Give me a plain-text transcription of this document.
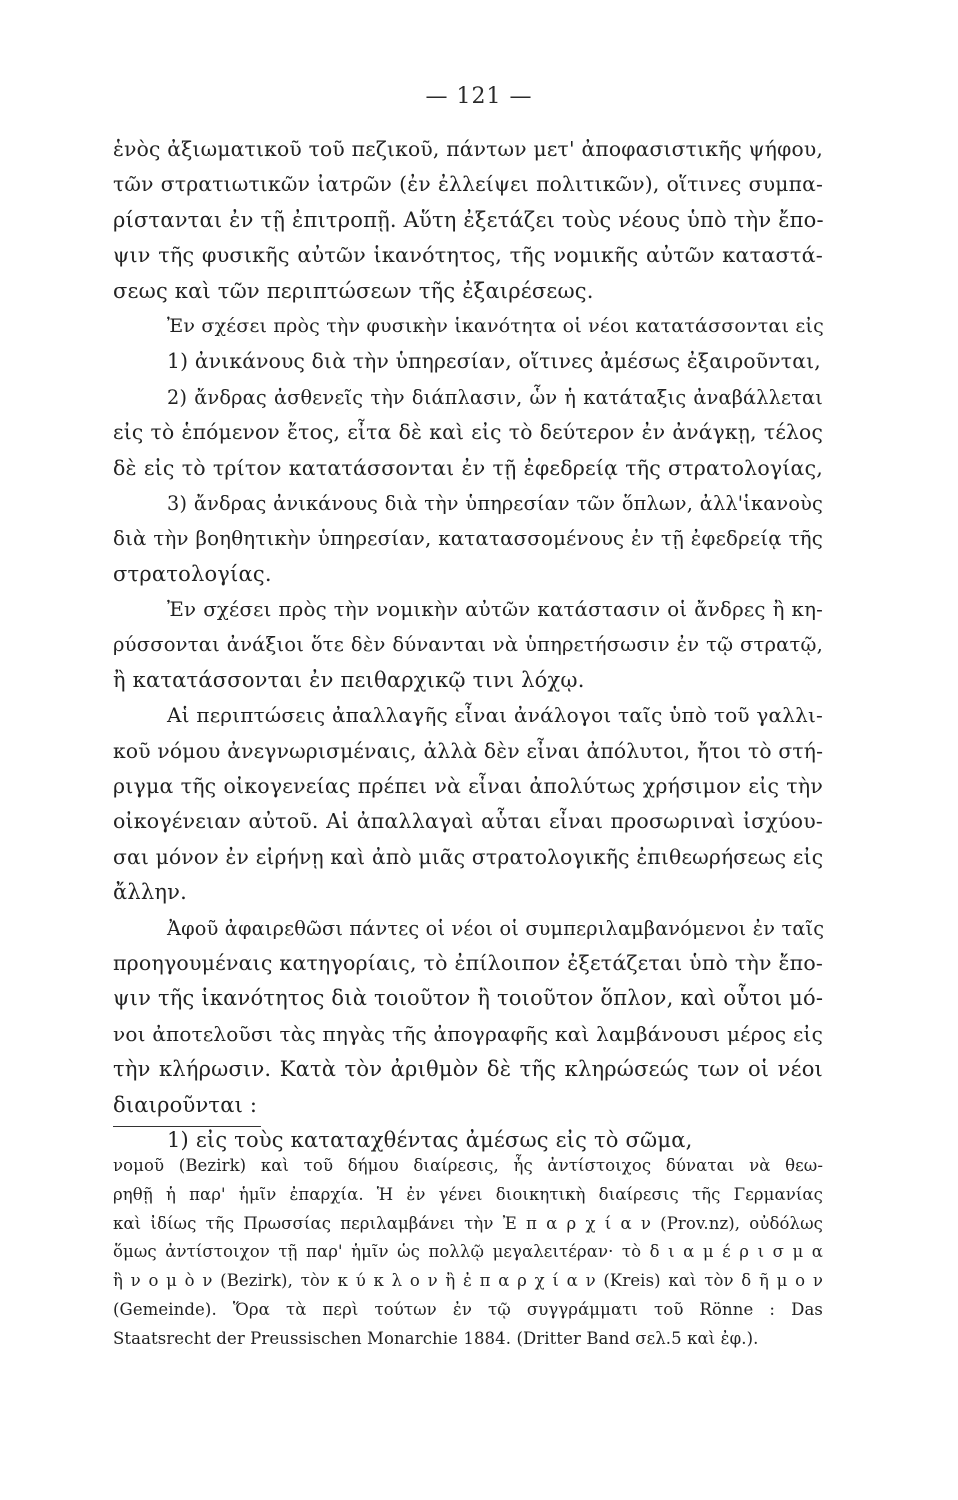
— 121 —
ἑνὸς ἀξιωματικοῦ τοῦ πεζικοῦ, πάντων μετ' ἀποφασιστικῆς ψήφου,
τῶν στρατιωτικῶν ἰατρῶν (ἐν ἐλλείψει πολιτικῶν), οἵτινες συμπα-
ρίστανται ἐν τῇ ἐπιτροπῇ. Αὕτη ἐξετάζει τοὺς νέους ὑπὸ τὴν ἔπο-
ψιν τῆς φυσικῆς αὐτῶν ἱκανότητος, τῆς νομικῆς αὐτῶν καταστά-
σεως καὶ τῶν περιπτώσεων τῆς ἐξαιρέσεως.
Ἐν σχέσει πρὸς τὴν φυσικὴν ἱκανότητα οἱ νέοι κατατάσσονται εἰς
1) ἀνικάνους διὰ τὴν ὑπηρεσίαν, οἵτινες ἀμέσως ἐξαιροῦνται,
2) ἄνδρας ἀσθενεῖς τὴν διάπλασιν, ὧν ἡ κατάταξις ἀναβάλλεται
εἰς τὸ ἑπόμενον ἔτος, εἶτα δὲ καὶ εἰς τὸ δεύτερον ἐν ἀνάγκῃ, τέλος
δὲ εἰς τὸ τρίτον κατατάσσονται ἐν τῇ ἐφεδρείᾳ τῆς στρατολογίας,
3) ἄνδρας ἀνικάνους διὰ τὴν ὑπηρεσίαν τῶν ὅπλων, ἀλλ'ἱκανοὺς
διὰ τὴν βοηθητικὴν ὑπηρεσίαν, κατατασσομένους ἐν τῇ ἐφεδρείᾳ τῆς
στρατολογίας.
Ἐν σχέσει πρὸς τὴν νομικὴν αὐτῶν κατάστασιν οἱ ἄνδρες ἢ κη-
ρύσσονται ἀνάξιοι ὅτε δὲν δύνανται νὰ ὑπηρετήσωσιν ἐν τῷ στρατῷ,
ἢ κατατάσσονται ἐν πειθαρχικῷ τινι λόχῳ.
Αἱ περιπτώσεις ἀπαλλαγῆς εἶναι ἀνάλογοι ταῖς ὑπὸ τοῦ γαλλι-
κοῦ νόμου ἀνεγνωρισμέναις, ἀλλὰ δὲν εἶναι ἀπόλυτοι, ἤτοι τὸ στή-
ριγμα τῆς οἰκογενείας πρέπει νὰ εἶναι ἀπολύτως χρήσιμον εἰς τὴν
οἰκογένειαν αὐτοῦ. Αἱ ἀπαλλαγαὶ αὗται εἶναι προσωριναὶ ἰσχύου-
σαι μόνον ἐν εἰρήνῃ καὶ ἀπὸ μιᾶς στρατολογικῆς ἐπιθεωρήσεως εἰς
ἄλλην.
Ἀφοῦ ἀφαιρεθῶσι πάντες οἱ νέοι οἱ συμπεριλαμβανόμενοι ἐν ταῖς
προηγουμέναις κατηγορίαις, τὸ ἐπίλοιπον ἐξετάζεται ὑπὸ τὴν ἔπο-
ψιν τῆς ἱκανότητος διὰ τοιοῦτον ἢ τοιοῦτον ὅπλον, καὶ οὗτοι μό-
νοι ἀποτελοῦσι τὰς πηγὰς τῆς ἀπογραφῆς καὶ λαμβάνουσι μέρος εἰς
τὴν κλήρωσιν. Κατὰ τὸν ἀριθμὸν δὲ τῆς κληρώσεώς των οἱ νέοι
διαιροῦνται :
1) εἰς τοὺς καταταχθέντας ἀμέσως εἰς τὸ σῶμα,
νομοῦ (Bezirk) καὶ τοῦ δήμου διαίρεσις, ἧς ἀντίστοιχος δύναται νὰ θεω-
ρηθῇ ἡ παρ' ἡμῖν ἐπαρχία. Ἡ ἐν γένει διοικητικὴ διαίρεσις τῆς Γερμανίας
καὶ ἰδίως τῆς Πρωσσίας περιλαμβάνει τὴν Ἐ π α ρ χ ί α ν (Prov.nz), οὐδόλως
ὅμως ἀντίστοιχον τῇ παρ' ἡμῖν ὡς πολλῷ μεγαλειτέραν· τὸ δ ι α μ έ ρ ι σ μ α
ἢ ν ο μ ὸ ν (Bezirk), τὸν κ ύ κ λ ο ν ἢ ἐ π α ρ χ ί α ν (Kreis) καὶ τὸν δ ῆ μ ο ν
(Gemeinde). Ὅρα τὰ περὶ τούτων ἐν τῷ συγγράμματι τοῦ Rönne : Das
Staatsrecht der Preussischen Monarchie 1884. (Dritter Band σελ.5 καὶ ἐφ.).
